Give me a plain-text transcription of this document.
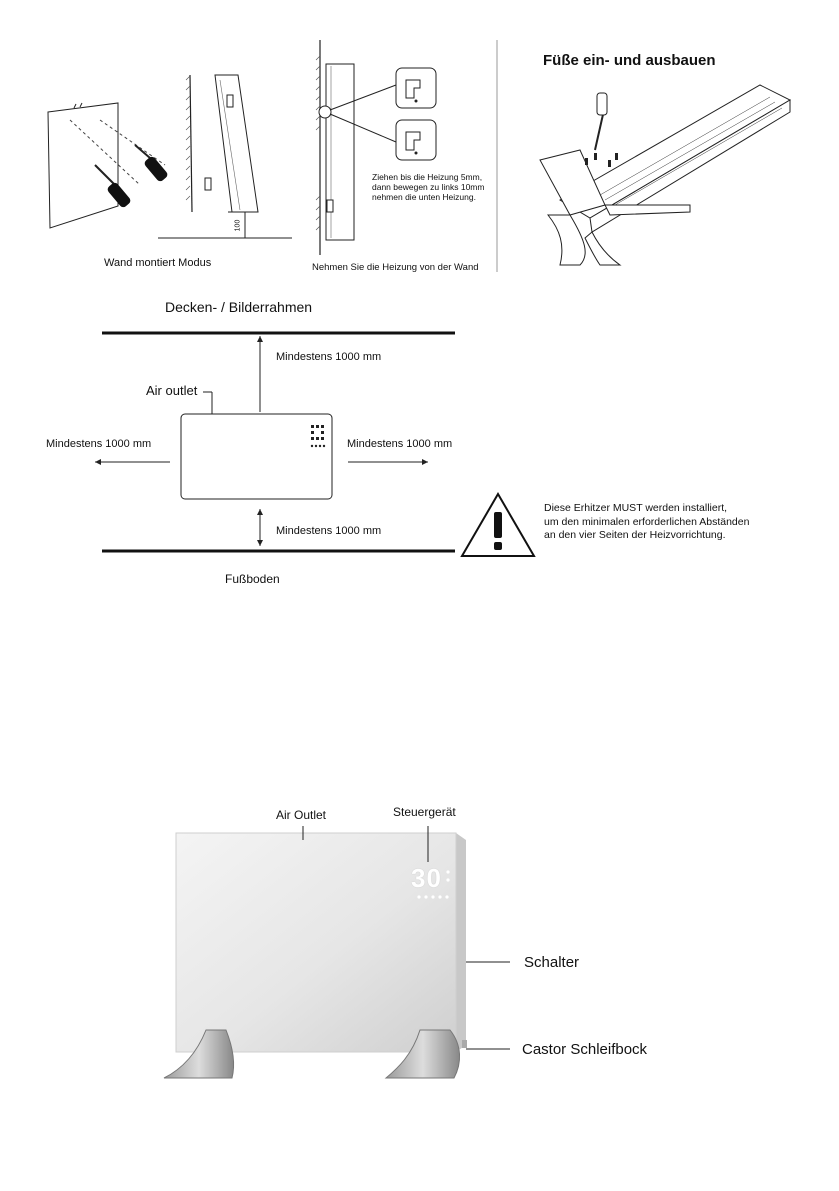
Wand montiert Modus
100
Ziehen bis die Heizung 5mm,
dann bewegen zu links 10mm
nehmen die unten Heizung.
Nehmen Sie die Heizung von der Wand
Füße ein- und ausbauen
Decken- / Bilderrahmen
Mindestens 1000 mm
Air outlet
Mindestens 1000 mm	Mindestens 1000 mm
Mindestens 1000 mm
Fußboden
Diese Erhitzer MUST werden installiert,
um den minimalen erforderlichen Abständen
an den vier Seiten der Heizvorrichtung.
30
Air Outlet	Steuergerät
Schalter
Castor Schleifbock
